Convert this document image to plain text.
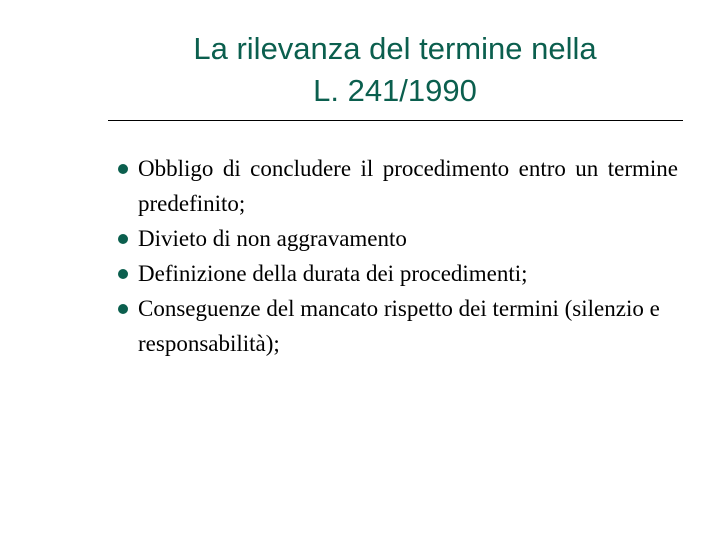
La rilevanza del termine nella
L. 241/1990
Obbligo di concludere il procedimento entro un termine predefinito;
Divieto di non aggravamento
Definizione della durata dei procedimenti;
Conseguenze del mancato rispetto dei termini (silenzio e responsabilità);
